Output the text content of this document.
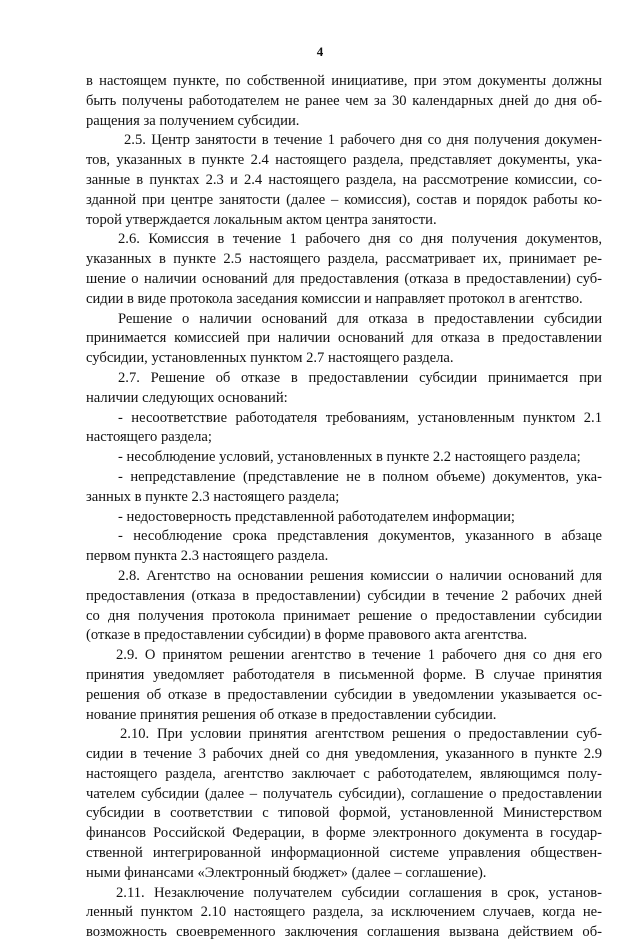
4
в настоящем пункте, по собственной инициативе, при этом документы должны
быть получены работодателем не ранее чем за 30 календарных дней до дня об-
ращения за получением субсидии.
2.5. Центр занятости в течение 1 рабочего дня со дня получения докумен-
тов, указанных в пункте 2.4 настоящего раздела, представляет документы, ука-
занные в пунктах 2.3 и 2.4 настоящего раздела, на рассмотрение комиссии, со-
зданной при центре занятости (далее – комиссия), состав и порядок работы ко-
торой утверждается локальным актом центра занятости.
2.6. Комиссия в течение 1 рабочего дня со дня получения документов,
указанных в пункте 2.5 настоящего раздела, рассматривает их, принимает ре-
шение о наличии оснований для предоставления (отказа в предоставлении) суб-
сидии в виде протокола заседания комиссии и направляет протокол в агентство.
Решение о наличии оснований для отказа в предоставлении субсидии
принимается комиссией при наличии оснований для отказа в предоставлении
субсидии, установленных пунктом 2.7 настоящего раздела.
2.7. Решение об отказе в предоставлении субсидии принимается при
наличии следующих оснований:
- несоответствие работодателя требованиям, установленным пунктом 2.1
настоящего раздела;
- несоблюдение условий, установленных в пункте 2.2 настоящего раздела;
- непредставление (представление не в полном объеме) документов, ука-
занных в пункте 2.3 настоящего раздела;
- недостоверность представленной работодателем информации;
- несоблюдение срока представления документов, указанного в абзаце
первом пункта 2.3 настоящего раздела.
2.8. Агентство на основании решения комиссии о наличии оснований для
предоставления (отказа в предоставлении) субсидии в течение 2 рабочих дней
со дня получения протокола принимает решение о предоставлении субсидии
(отказе в предоставлении субсидии) в форме правового акта агентства.
2.9. О принятом решении агентство в течение 1 рабочего дня со дня его
принятия уведомляет работодателя в письменной форме. В случае принятия
решения об отказе в предоставлении субсидии в уведомлении указывается ос-
нование принятия решения об отказе в предоставлении субсидии.
2.10. При условии принятия агентством решения о предоставлении суб-
сидии в течение 3 рабочих дней со дня уведомления, указанного в пункте 2.9
настоящего раздела, агентство заключает с работодателем, являющимся полу-
чателем субсидии (далее – получатель субсидии), соглашение о предоставлении
субсидии в соответствии с типовой формой, установленной Министерством
финансов Российской Федерации, в форме электронного документа в государ-
ственной интегрированной информационной системе управления обществен-
ными финансами «Электронный бюджет» (далее – соглашение).
2.11. Незаключение получателем субсидии соглашения в срок, установ-
ленный пунктом 2.10 настоящего раздела, за исключением случаев, когда не-
возможность своевременного заключения соглашения вызвана действием об-
